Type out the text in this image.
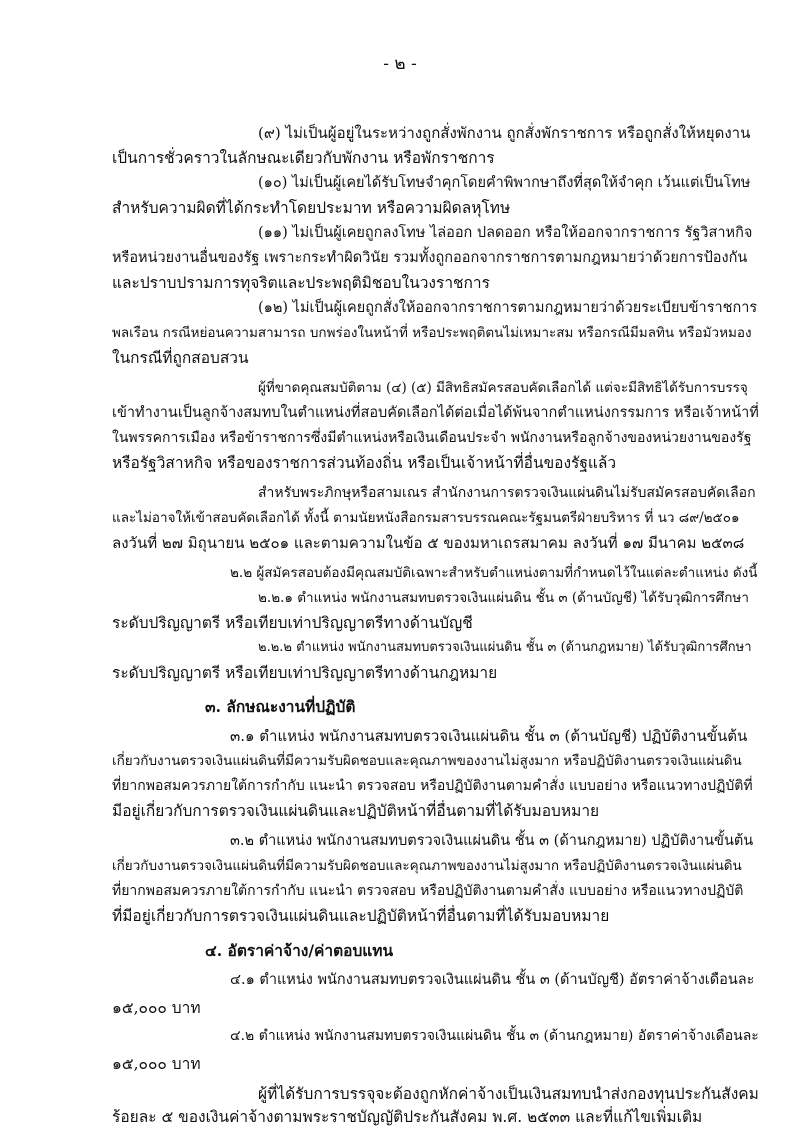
- ๒ -
(๙) ไม่เป็นผู้อยู่ในระหว่างถูกสั่งพักงาน ถูกสั่งพักราชการ หรือถูกสั่งให้หยุดงาน
เป็นการชั่วคราวในลักษณะเดียวกับพักงาน หรือพักราชการ
(๑๐) ไม่เป็นผู้เคยได้รับโทษจำคุกโดยคำพิพากษาถึงที่สุดให้จำคุก เว้นแต่เป็นโทษ
สำหรับความผิดที่ได้กระทำโดยประมาท หรือความผิดลหุโทษ
(๑๑) ไม่เป็นผู้เคยถูกลงโทษ ไล่ออก ปลดออก หรือให้ออกจากราชการ รัฐวิสาหกิจ
หรือหน่วยงานอื่นของรัฐ เพราะกระทำผิดวินัย รวมทั้งถูกออกจากราชการตามกฎหมายว่าด้วยการป้องกัน
และปราบปรามการทุจริตและประพฤติมิชอบในวงราชการ
(๑๒) ไม่เป็นผู้เคยถูกสั่งให้ออกจากราชการตามกฎหมายว่าด้วยระเบียบข้าราชการ
พลเรือน กรณีหย่อนความสามารถ บกพร่องในหน้าที่ หรือประพฤติตนไม่เหมาะสม หรือกรณีมีมลทิน หรือมัวหมอง
ในกรณีที่ถูกสอบสวน
ผู้ที่ขาดคุณสมบัติตาม (๔) (๕) มีสิทธิสมัครสอบคัดเลือกได้ แต่จะมีสิทธิได้รับการบรรจุ
เข้าทำงานเป็นลูกจ้างสมทบในตำแหน่งที่สอบคัดเลือกได้ต่อเมื่อได้พ้นจากตำแหน่งกรรมการ หรือเจ้าหน้าที่
ในพรรคการเมือง หรือข้าราชการซึ่งมีตำแหน่งหรือเงินเดือนประจำ พนักงานหรือลูกจ้างของหน่วยงานของรัฐ
หรือรัฐวิสาหกิจ หรือของราชการส่วนท้องถิ่น หรือเป็นเจ้าหน้าที่อื่นของรัฐแล้ว
สำหรับพระภิกษุหรือสามเณร สำนักงานการตรวจเงินแผ่นดินไม่รับสมัครสอบคัดเลือก
และไม่อาจให้เข้าสอบคัดเลือกได้ ทั้งนี้ ตามนัยหนังสือกรมสารบรรณคณะรัฐมนตรีฝ่ายบริหาร ที่ นว ๘๙/๒๕๐๑
ลงวันที่ ๒๗ มิถุนายน ๒๕๐๑ และตามความในข้อ ๕ ของมหาเถรสมาคม ลงวันที่ ๑๗ มีนาคม ๒๕๓๘
๒.๒ ผู้สมัครสอบต้องมีคุณสมบัติเฉพาะสำหรับตำแหน่งตามที่กำหนดไว้ในแต่ละตำแหน่ง ดังนี้
๒.๒.๑ ตำแหน่ง พนักงานสมทบตรวจเงินแผ่นดิน ชั้น ๓ (ด้านบัญชี) ได้รับวุฒิการศึกษา
ระดับปริญญาตรี หรือเทียบเท่าปริญญาตรีทางด้านบัญชี
๒.๒.๒ ตำแหน่ง พนักงานสมทบตรวจเงินแผ่นดิน ชั้น ๓ (ด้านกฎหมาย) ได้รับวุฒิการศึกษา
ระดับปริญญาตรี หรือเทียบเท่าปริญญาตรีทางด้านกฎหมาย
๓. ลักษณะงานที่ปฏิบัติ
๓.๑ ตำแหน่ง พนักงานสมทบตรวจเงินแผ่นดิน ชั้น ๓ (ด้านบัญชี) ปฏิบัติงานขั้นต้น
เกี่ยวกับงานตรวจเงินแผ่นดินที่มีความรับผิดชอบและคุณภาพของงานไม่สูงมาก หรือปฏิบัติงานตรวจเงินแผ่นดิน
ที่ยากพอสมควรภายใต้การกำกับ แนะนำ ตรวจสอบ หรือปฏิบัติงานตามคำสั่ง แบบอย่าง หรือแนวทางปฏิบัติที่
มีอยู่เกี่ยวกับการตรวจเงินแผ่นดินและปฏิบัติหน้าที่อื่นตามที่ได้รับมอบหมาย
๓.๒ ตำแหน่ง พนักงานสมทบตรวจเงินแผ่นดิน ชั้น ๓ (ด้านกฎหมาย) ปฏิบัติงานขั้นต้น
เกี่ยวกับงานตรวจเงินแผ่นดินที่มีความรับผิดชอบและคุณภาพของงานไม่สูงมาก หรือปฏิบัติงานตรวจเงินแผ่นดิน
ที่ยากพอสมควรภายใต้การกำกับ แนะนำ ตรวจสอบ หรือปฏิบัติงานตามคำสั่ง แบบอย่าง หรือแนวทางปฏิบัติ
ที่มีอยู่เกี่ยวกับการตรวจเงินแผ่นดินและปฏิบัติหน้าที่อื่นตามที่ได้รับมอบหมาย
๔. อัตราค่าจ้าง/ค่าตอบแทน
๔.๑ ตำแหน่ง พนักงานสมทบตรวจเงินแผ่นดิน ชั้น ๓ (ด้านบัญชี) อัตราค่าจ้างเดือนละ
๑๕,๐๐๐ บาท
๔.๒ ตำแหน่ง พนักงานสมทบตรวจเงินแผ่นดิน ชั้น ๓ (ด้านกฎหมาย) อัตราค่าจ้างเดือนละ
๑๕,๐๐๐ บาท
ผู้ที่ได้รับการบรรจุจะต้องถูกหักค่าจ้างเป็นเงินสมทบนำส่งกองทุนประกันสังคม
ร้อยละ ๕ ของเงินค่าจ้างตามพระราชบัญญัติประกันสังคม พ.ศ. ๒๕๓๓ และที่แก้ไขเพิ่มเติม
